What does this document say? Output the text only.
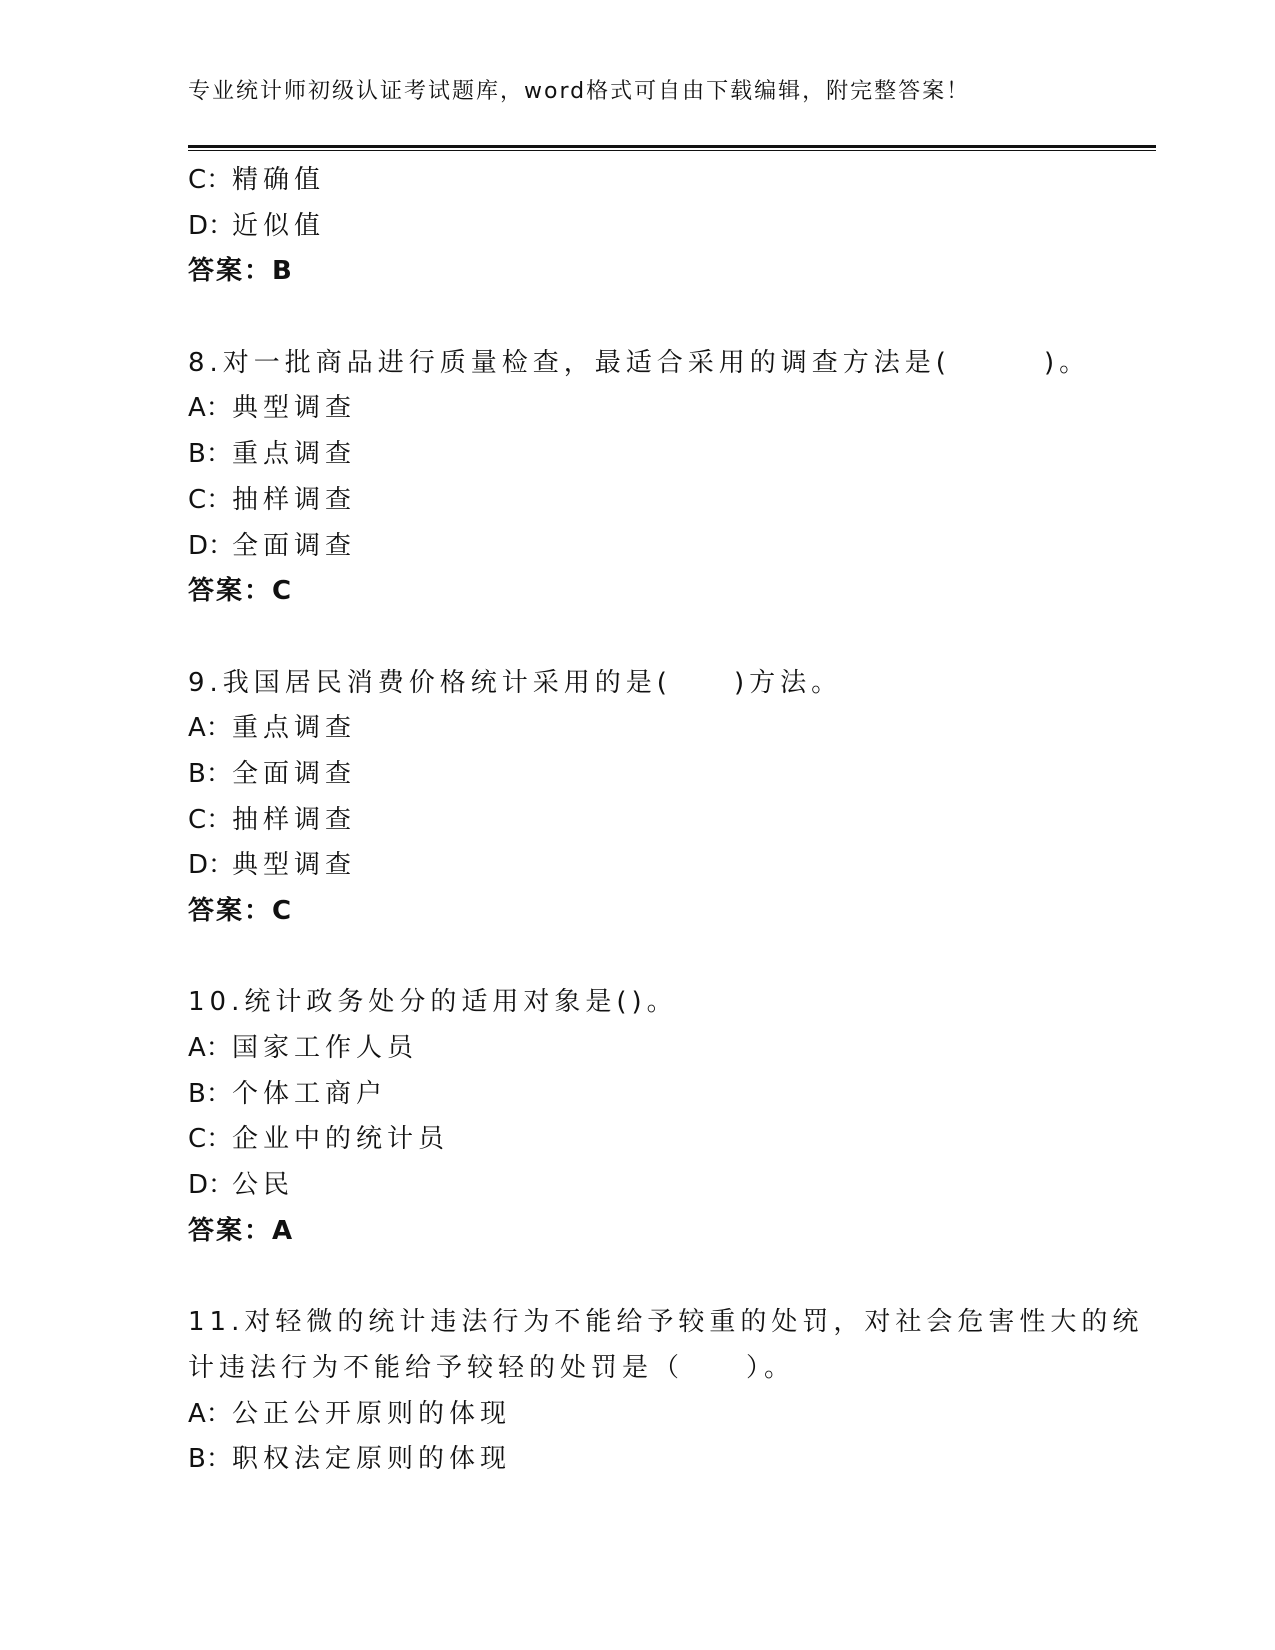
专业统计师初级认证考试题库，word格式可自由下载编辑，附完整答案！
C：精确值
D：近似值
答案：B
8.对一批商品进行质量检查，最适合采用的调查方法是(　　　)。
A：典型调查
B：重点调查
C：抽样调查
D：全面调查
答案：C
9.我国居民消费价格统计采用的是(　　)方法。
A：重点调查
B：全面调查
C：抽样调查
D：典型调查
答案：C
10.统计政务处分的适用对象是()。
A：国家工作人员
B：个体工商户
C：企业中的统计员
D：公民
答案：A
11.对轻微的统计违法行为不能给予较重的处罚，对社会危害性大的统
计违法行为不能给予较轻的处罚是（　　）。
A：公正公开原则的体现
B：职权法定原则的体现
